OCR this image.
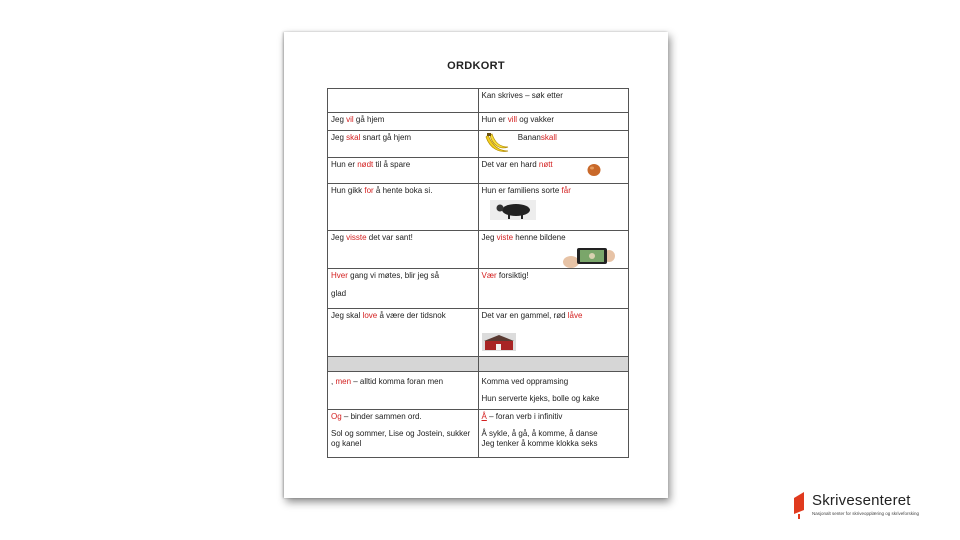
ORDKORT
	Kan skrives – søk etter
Jeg vil gå hjem	Hun er vill og vakker
Jeg skal snart gå hjem	Bananskall
Hun er nødt til å spare	Det var en hard nøtt

Hun gikk for å hente boka si.	Hun er familiens sorte får

Jeg visste det var sant!	Jeg viste henne bildene

Hver gang vi møtes, blir jeg så
glad	Vær forsiktig!
Jeg skal love å være der tidsnok	Det var en gammel, rød låve

, men – alltid komma foran men	Komma ved oppramsing
Hun serverte kjeks, bolle og kake

Og – binder sammen ord.
Sol og sommer, Lise og Jostein, sukker og kanel	Å – foran verb i infinitiv
Å sykle, å gå, å komme, å danse
Jeg tenker å komme klokka seks
Skrivesenteret
Nasjonalt senter for skriveopplæring og skriveforsking
